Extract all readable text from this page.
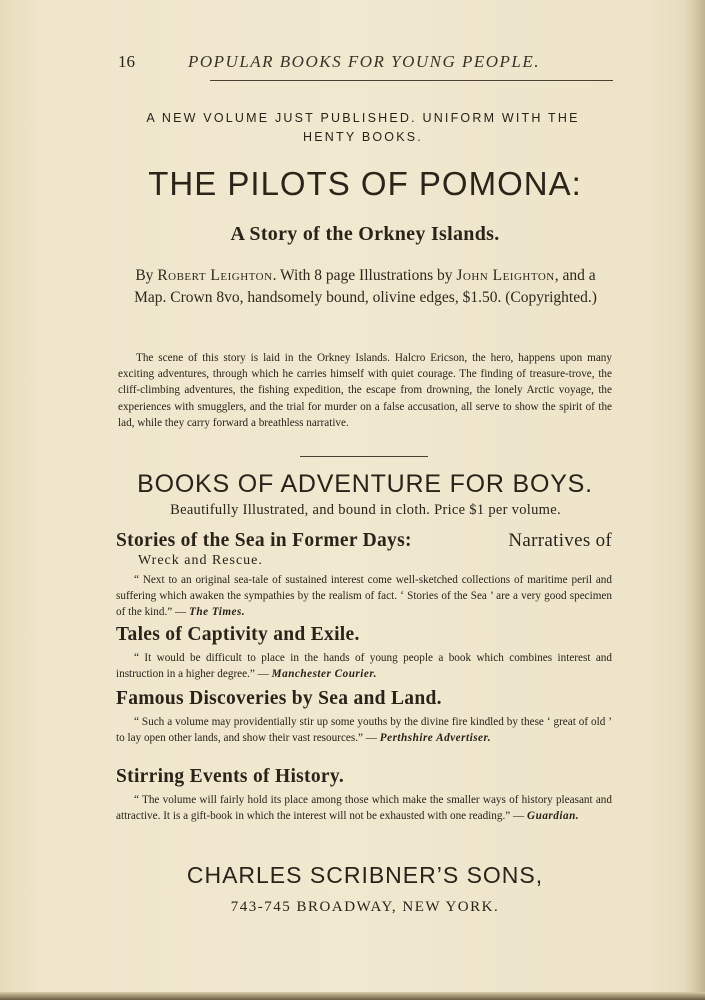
16	POPULAR BOOKS FOR YOUNG PEOPLE.
A NEW VOLUME JUST PUBLISHED. UNIFORM WITH THE HENTY BOOKS.
THE PILOTS OF POMONA:
A Story of the Orkney Islands.
By Robert Leighton. With 8 page Illustrations by John Leighton, and a Map. Crown 8vo, handsomely bound, olivine edges, $1.50. (Copyrighted.)
The scene of this story is laid in the Orkney Islands. Halcro Ericson, the hero, happens upon many exciting adventures, through which he carries himself with quiet courage. The finding of treasure-trove, the cliff-climbing adventures, the fishing expedition, the escape from drowning, the lonely Arctic voyage, the experiences with smugglers, and the trial for murder on a false accusation, all serve to show the spirit of the lad, while they carry forward a breathless narrative.
BOOKS OF ADVENTURE FOR BOYS.
Beautifully Illustrated, and bound in cloth. Price $1 per volume.
Stories of the Sea in Former Days:	Narratives of
Wreck and Rescue.
“ Next to an original sea-tale of sustained interest come well-sketched collections of maritime peril and suffering which awaken the sympathies by the realism of fact. ‘ Stories of the Sea ’ are a very good specimen of the kind.” — The Times.
Tales of Captivity and Exile.
“ It would be difficult to place in the hands of young people a book which combines interest and instruction in a higher degree.” — Manchester Courier.
Famous Discoveries by Sea and Land.
“ Such a volume may providentially stir up some youths by the divine fire kindled by these ‘ great of old ’ to lay open other lands, and show their vast resources.” — Perthshire Advertiser.
Stirring Events of History.
“ The volume will fairly hold its place among those which make the smaller ways of history pleasant and attractive. It is a gift-book in which the interest will not be exhausted with one reading.” — Guardian.
CHARLES SCRIBNER’S SONS,
743-745 BROADWAY, NEW YORK.
